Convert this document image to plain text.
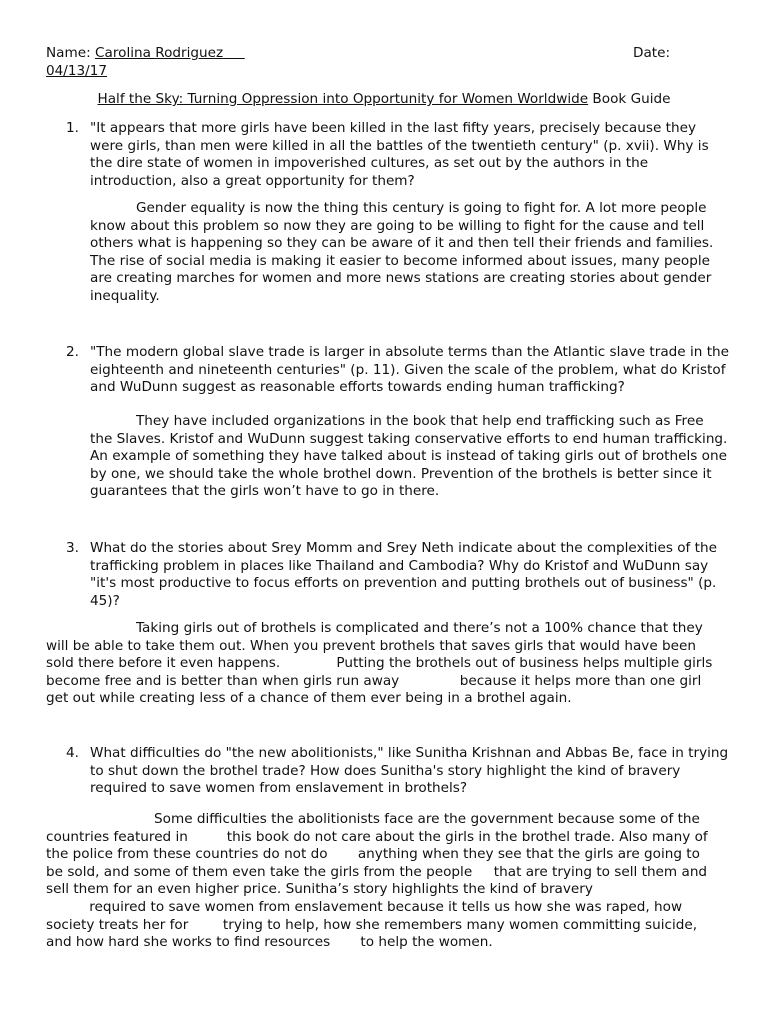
Name: Carolina Rodriguez	Date:
04/13/17
Half the Sky: Turning Oppression into Opportunity for Women Worldwide Book Guide
1. "It appears that more girls have been killed in the last fifty years, precisely because they were girls, than men were killed in all the battles of the twentieth century" (p. xvii). Why is the dire state of women in impoverished cultures, as set out by the authors in the introduction, also a great opportunity for them?

Gender equality is now the thing this century is going to fight for. A lot more people know about this problem so now they are going to be willing to fight for the cause and tell others what is happening so they can be aware of it and then tell their friends and families. The rise of social media is making it easier to become informed about issues, many people are creating marches for women and more news stations are creating stories about gender inequality.

2. "The modern global slave trade is larger in absolute terms than the Atlantic slave trade in the eighteenth and nineteenth centuries" (p. 11). Given the scale of the problem, what do Kristof and WuDunn suggest as reasonable efforts towards ending human trafficking?

They have included organizations in the book that help end trafficking such as Free the Slaves. Kristof and WuDunn suggest taking conservative efforts to end human trafficking. An example of something they have talked about is instead of taking girls out of brothels one by one, we should take the whole brothel down. Prevention of the brothels is better since it guarantees that the girls won’t have to go in there.

3. What do the stories about Srey Momm and Srey Neth indicate about the complexities of the trafficking problem in places like Thailand and Cambodia? Why do Kristof and WuDunn say "it's most productive to focus efforts on prevention and putting brothels out of business" (p. 45)?

Taking girls out of brothels is complicated and there’s not a 100% chance that they will be able to take them out. When you prevent brothels that saves girls that would have been sold there before it even happens.             Putting the brothels out of business helps multiple girls become free and is better than when girls run away              because it helps more than one girl get out while creating less of a chance of them ever being in a brothel again.

4. What difficulties do "the new abolitionists," like Sunitha Krishnan and Abbas Be, face in trying to shut down the brothel trade? How does Sunitha's story highlight the kind of bravery required to save women from enslavement in brothels?
Some difficulties the abolitionists face are the government because some of the
countries featured in         this book do not care about the girls in the brothel trade. Also many of
the police from these countries do not do       anything when they see that the girls are going to
be sold, and some of them even take the girls from the people     that are trying to sell them and
sell them for an even higher price. Sunitha’s story highlights the kind of bravery
required to save women from enslavement because it tells us how she was raped, how
society treats her for        trying to help, how she remembers many women committing suicide,
and how hard she works to find resources       to help the women.
